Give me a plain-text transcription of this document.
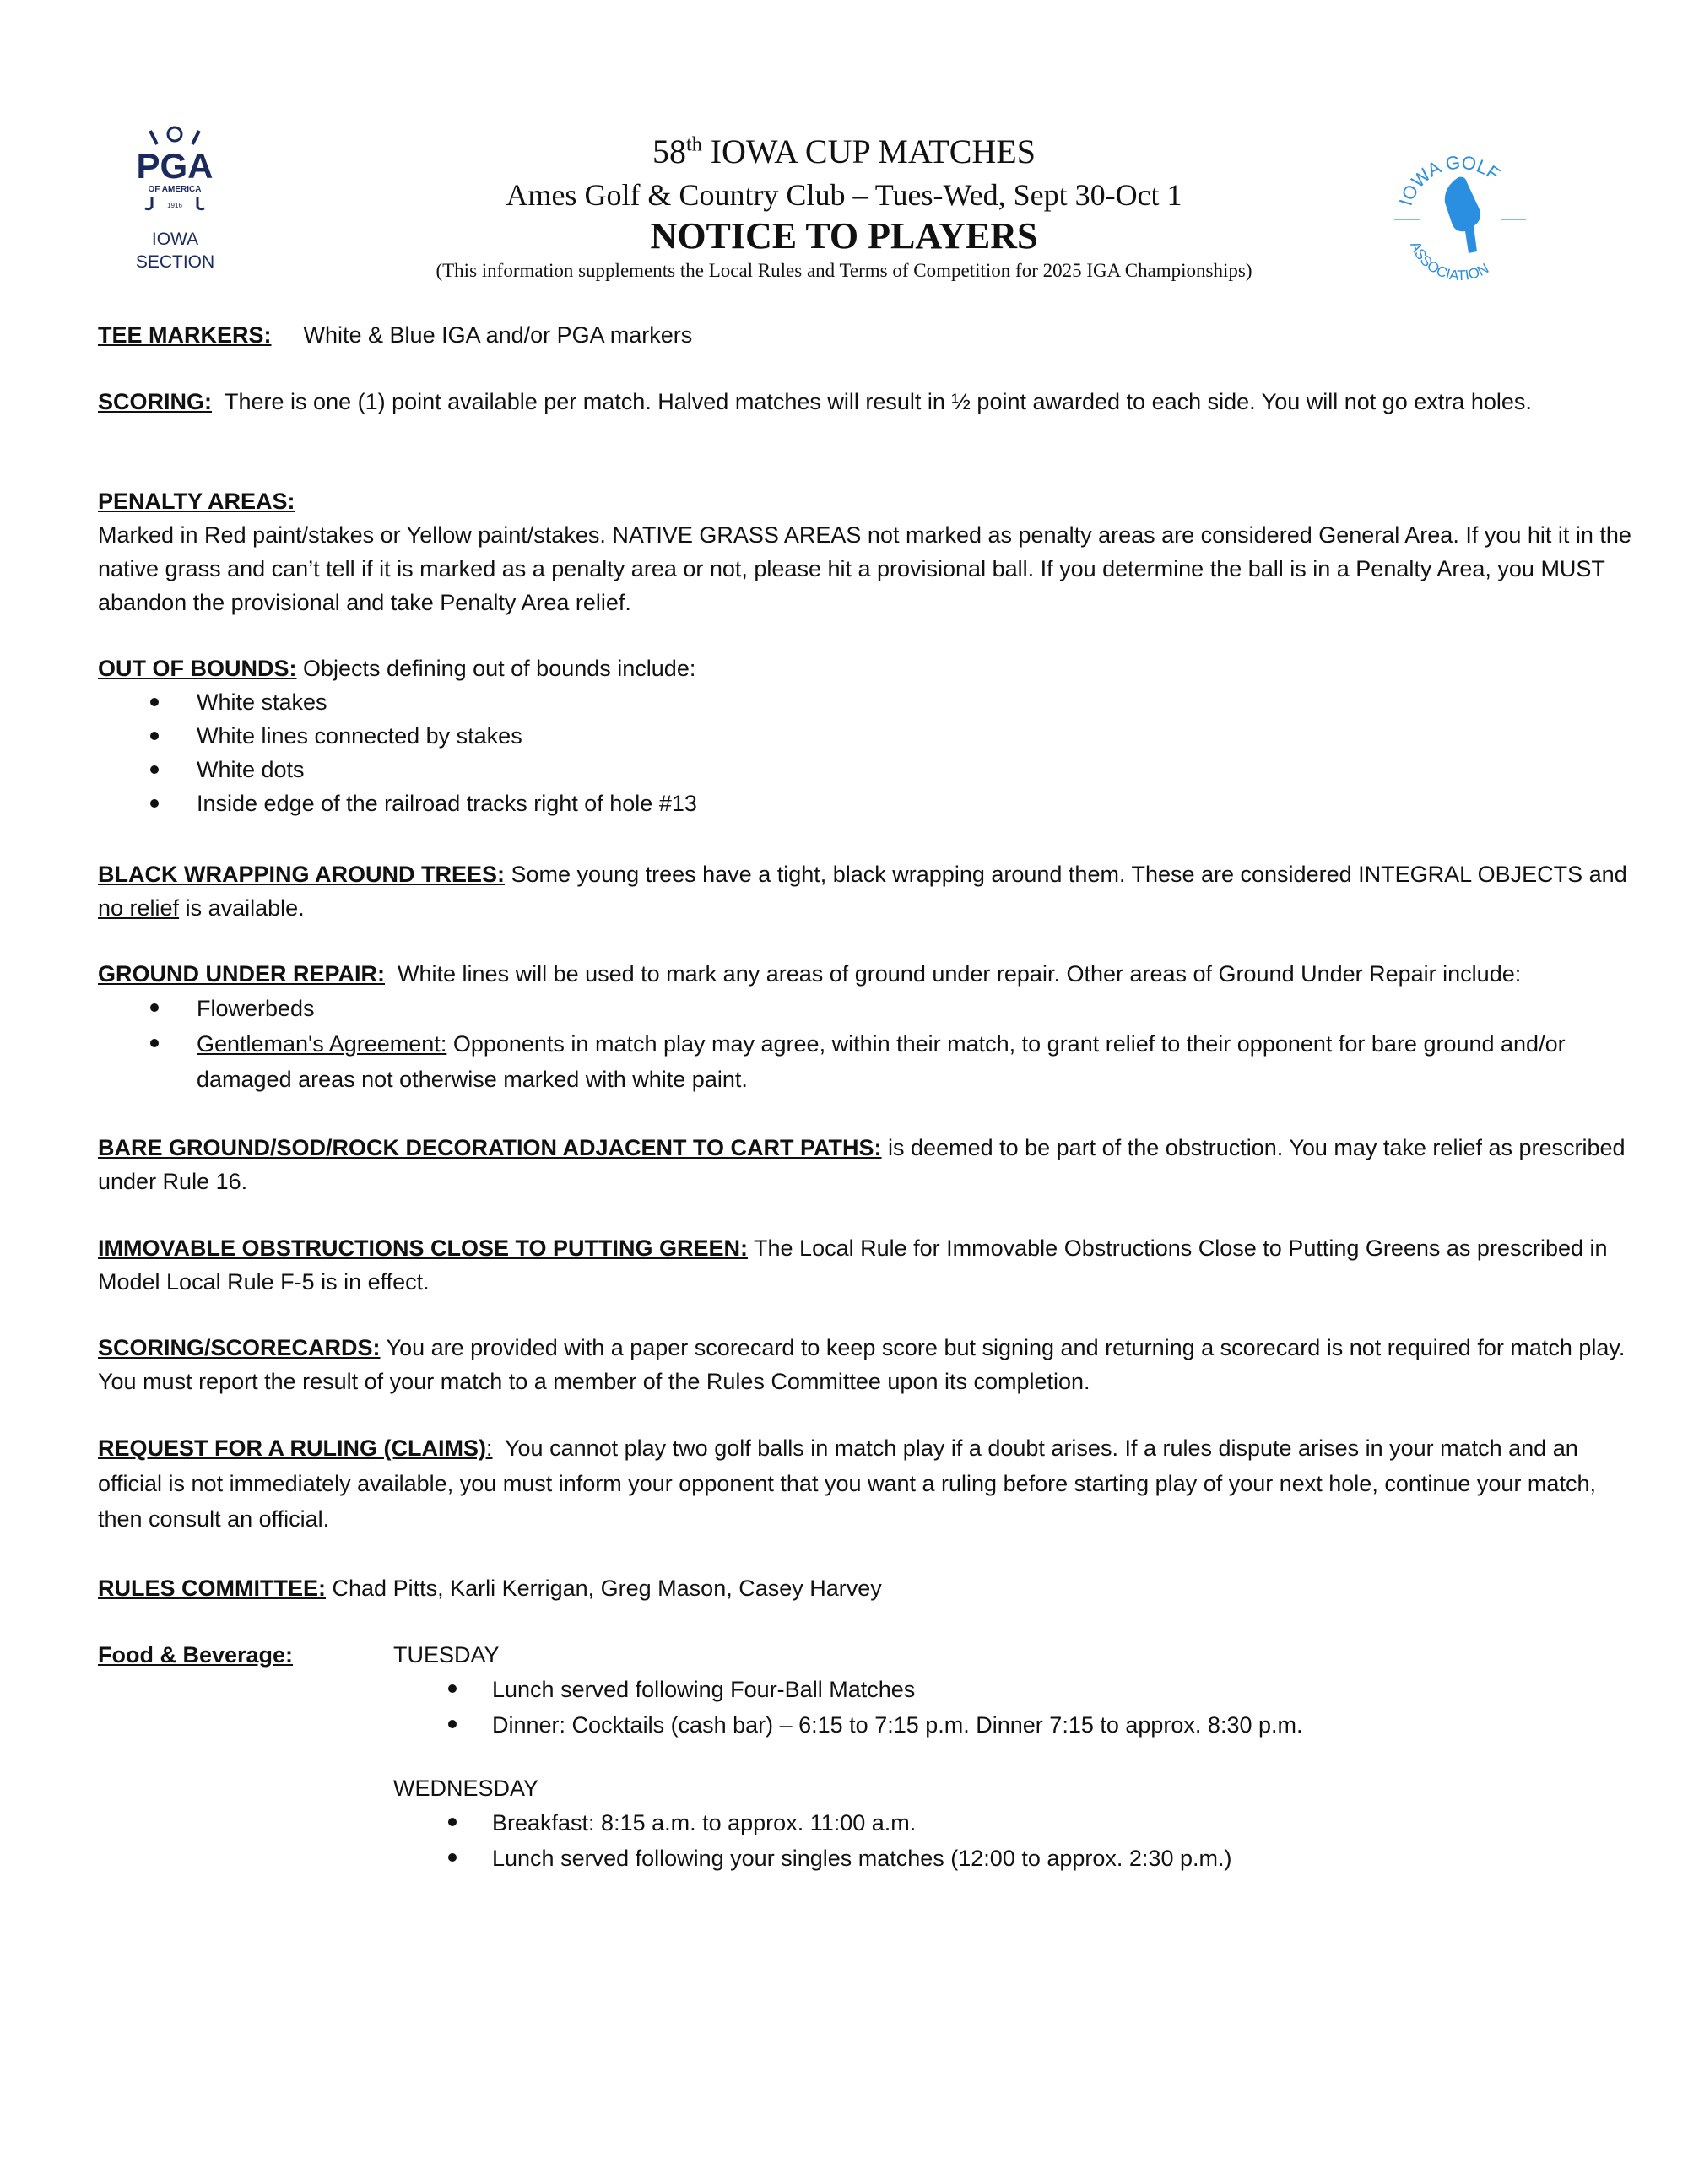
PGA
OF AMERICA
1916
IOWA
SECTION
IOWA GOLF
ASSOCIATION
58th IOWA CUP MATCHES
Ames Golf & Country Club – Tues-Wed, Sept 30-Oct 1
NOTICE TO PLAYERS
(This information supplements the Local Rules and Terms of Competition for 2025 IGA Championships)
TEE MARKERS: White & Blue IGA and/or PGA markers
SCORING: There is one (1) point available per match. Halved matches will result in ½ point awarded to each side. You will not go extra holes.
PENALTY AREAS:
Marked in Red paint/stakes or Yellow paint/stakes. NATIVE GRASS AREAS not marked as penalty areas are considered General Area. If you hit it in the native grass and can’t tell if it is marked as a penalty area or not, please hit a provisional ball. If you determine the ball is in a Penalty Area, you MUST abandon the provisional and take Penalty Area relief.
OUT OF BOUNDS: Objects defining out of bounds include:
White stakes
White lines connected by stakes
White dots
Inside edge of the railroad tracks right of hole #13
BLACK WRAPPING AROUND TREES: Some young trees have a tight, black wrapping around them. These are considered INTEGRAL OBJECTS and no relief is available.
GROUND UNDER REPAIR: White lines will be used to mark any areas of ground under repair. Other areas of Ground Under Repair include:
Flowerbeds
Gentleman's Agreement: Opponents in match play may agree, within their match, to grant relief to their opponent for bare ground and/or damaged areas not otherwise marked with white paint.
BARE GROUND/SOD/ROCK DECORATION ADJACENT TO CART PATHS: is deemed to be part of the obstruction. You may take relief as prescribed under Rule 16.
IMMOVABLE OBSTRUCTIONS CLOSE TO PUTTING GREEN: The Local Rule for Immovable Obstructions Close to Putting Greens as prescribed in Model Local Rule F-5 is in effect.
SCORING/SCORECARDS: You are provided with a paper scorecard to keep score but signing and returning a scorecard is not required for match play. You must report the result of your match to a member of the Rules Committee upon its completion.
REQUEST FOR A RULING (CLAIMS): You cannot play two golf balls in match play if a doubt arises. If a rules dispute arises in your match and an official is not immediately available, you must inform your opponent that you want a ruling before starting play of your next hole, continue your match, then consult an official.
RULES COMMITTEE: Chad Pitts, Karli Kerrigan, Greg Mason, Casey Harvey
Food & Beverage:	TUESDAY
Lunch served following Four-Ball Matches
Dinner: Cocktails (cash bar) – 6:15 to 7:15 p.m. Dinner 7:15 to approx. 8:30 p.m.
WEDNESDAY
Breakfast: 8:15 a.m. to approx. 11:00 a.m.
Lunch served following your singles matches (12:00 to approx. 2:30 p.m.)
